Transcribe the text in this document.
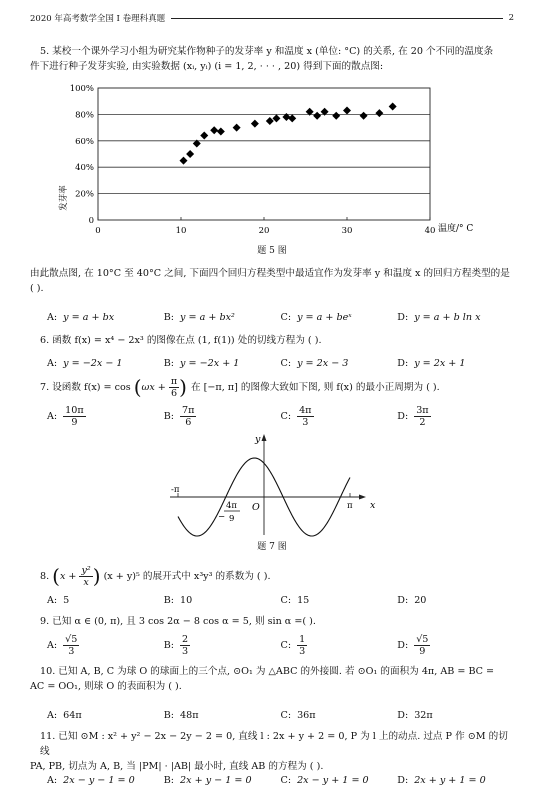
2020 年高考数学全国 I 卷理科真题	2
5. 某校一个课外学习小组为研究某作物种子的发芽率 y 和温度 x (单位: °C) 的关系, 在 20 个不同的温度条
件下进行种子发芽实验, 由实验数据 (xᵢ, yᵢ) (i = 1, 2, · · · , 20) 得到下面的散点图:
0
20%
40%
60%
80%
100%
0	10	20	30	40
发芽率
温度/° C
题 5 图
由此散点图, 在 10°C 至 40°C 之间, 下面四个回归方程类型中最适宜作为发芽率 y 和温度 x 的回归方程类型的是
( ).
A: y = a + bx	B: y = a + bx²	C: y = a + beˣ	D: y = a + b ln x
6. 函数 f(x) = x⁴ − 2x³ 的图像在点 (1, f(1)) 处的切线方程为 ( ).
A: y = −2x − 1	B: y = −2x + 1	C: y = 2x − 3	D: y = 2x + 1
7. 设函数 f(x) = cos ( $\omega x + \frac{\pi}{6}$ ) 在 [−π, π] 的图像大致如下图, 则 f(x) 的最小正周期为 ( ).
A: $\frac{10\pi}{9}$	B: $\frac{7\pi}{6}$	C: $\frac{4\pi}{3}$	D: $\frac{3\pi}{2}$
y
x
O
-π
π
−
4π
9
题 7 图
8. ( $x + \frac{\text{y²}}{x}$ ) (x + y)⁵ 的展开式中 x³y³ 的系数为 ( ).
A: 5	B: 10	C: 15	D: 20
9. 已知 α ∈ (0, π), 且 3 cos 2α − 8 cos α = 5, 则 sin α =( ).
A: $\frac{√5}{3}$	B: $\frac{2}{3}$	C: $\frac{1}{3}$	D: $\frac{√5}{9}$
10. 已知 A, B, C 为球 O 的球面上的三个点, ⊙O₁ 为 △ABC 的外接圆. 若 ⊙O₁ 的面积为 4π, AB = BC =
AC = OO₁, 则球 O 的表面积为 ( ).
A: 64π	B: 48π	C: 36π	D: 32π
11. 已知 ⊙M : x² + y² − 2x − 2y − 2 = 0, 直线 l : 2x + y + 2 = 0, P 为 l 上的动点. 过点 P 作 ⊙M 的切线
PA, PB, 切点为 A, B, 当 |PM| · |AB| 最小时, 直线 AB 的方程为 ( ).
A: 2x − y − 1 = 0	B: 2x + y − 1 = 0	C: 2x − y + 1 = 0	D: 2x + y + 1 = 0
